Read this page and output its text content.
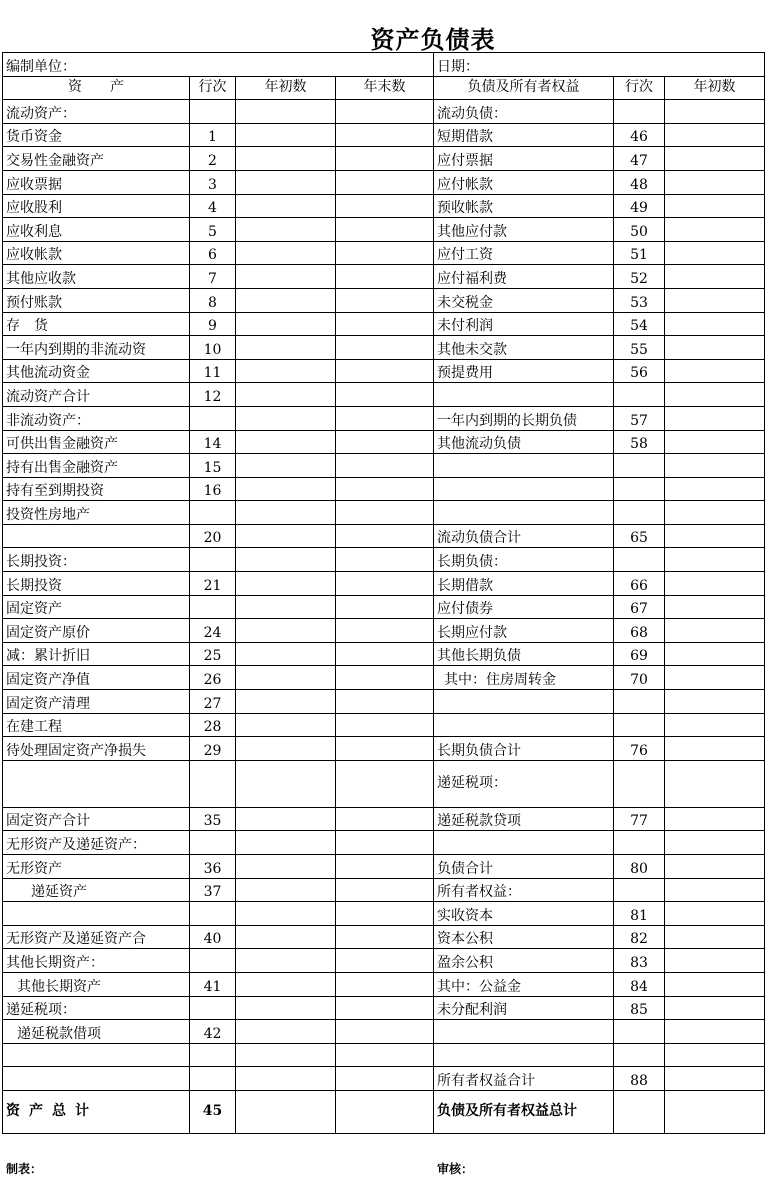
资产负债表
编制单位：				日期：		
资　　产	行次	年初数	年末数	负债及所有者权益	行次	年初数
流动资产：				流动负债：		
货币资金	1			短期借款	46	
交易性金融资产	2			应付票据	47	
应收票据	3			应付帐款	48	
应收股利	4			预收帐款	49	
应收利息	5			其他应付款	50	
应收帐款	6			应付工资	51	
其他应收款	7			应付福利费	52	
预付账款	8			未交税金	53	
存　货	9			未付利润	54	
一年内到期的非流动资	10			其他未交款	55	
其他流动资金	11			预提费用	56	
流动资产合计	12					
非流动资产：				一年内到期的长期负债	57	
可供出售金融资产	14			其他流动负债	58	
持有出售金融资产	15					
持有至到期投资	16					
投资性房地产						
	20			流动负债合计	65	
长期投资：				长期负债：		
长期投资	21			长期借款	66	
固定资产				应付债券	67	
固定资产原价	24			长期应付款	68	
减：累计折旧	25			其他长期负债	69	
固定资产净值	26			其中：住房周转金	70	
固定资产清理	27					
在建工程	28					
待处理固定资产净损失	29			长期负债合计	76	
				递延税项：		
固定资产合计	35			递延税款贷项	77	
无形资产及递延资产：						
无形资产	36			负债合计	80	
递延资产	37			所有者权益：		
				实收资本	81	
无形资产及递延资产合	40			资本公积	82	
其他长期资产：				盈余公积	83	
其他长期资产	41			其中：公益金	84	
递延税项：				未分配利润	85	
递延税款借项	42					

				所有者权益合计	88	
资产总计	45			负债及所有者权益总计		
制表：	审核：
